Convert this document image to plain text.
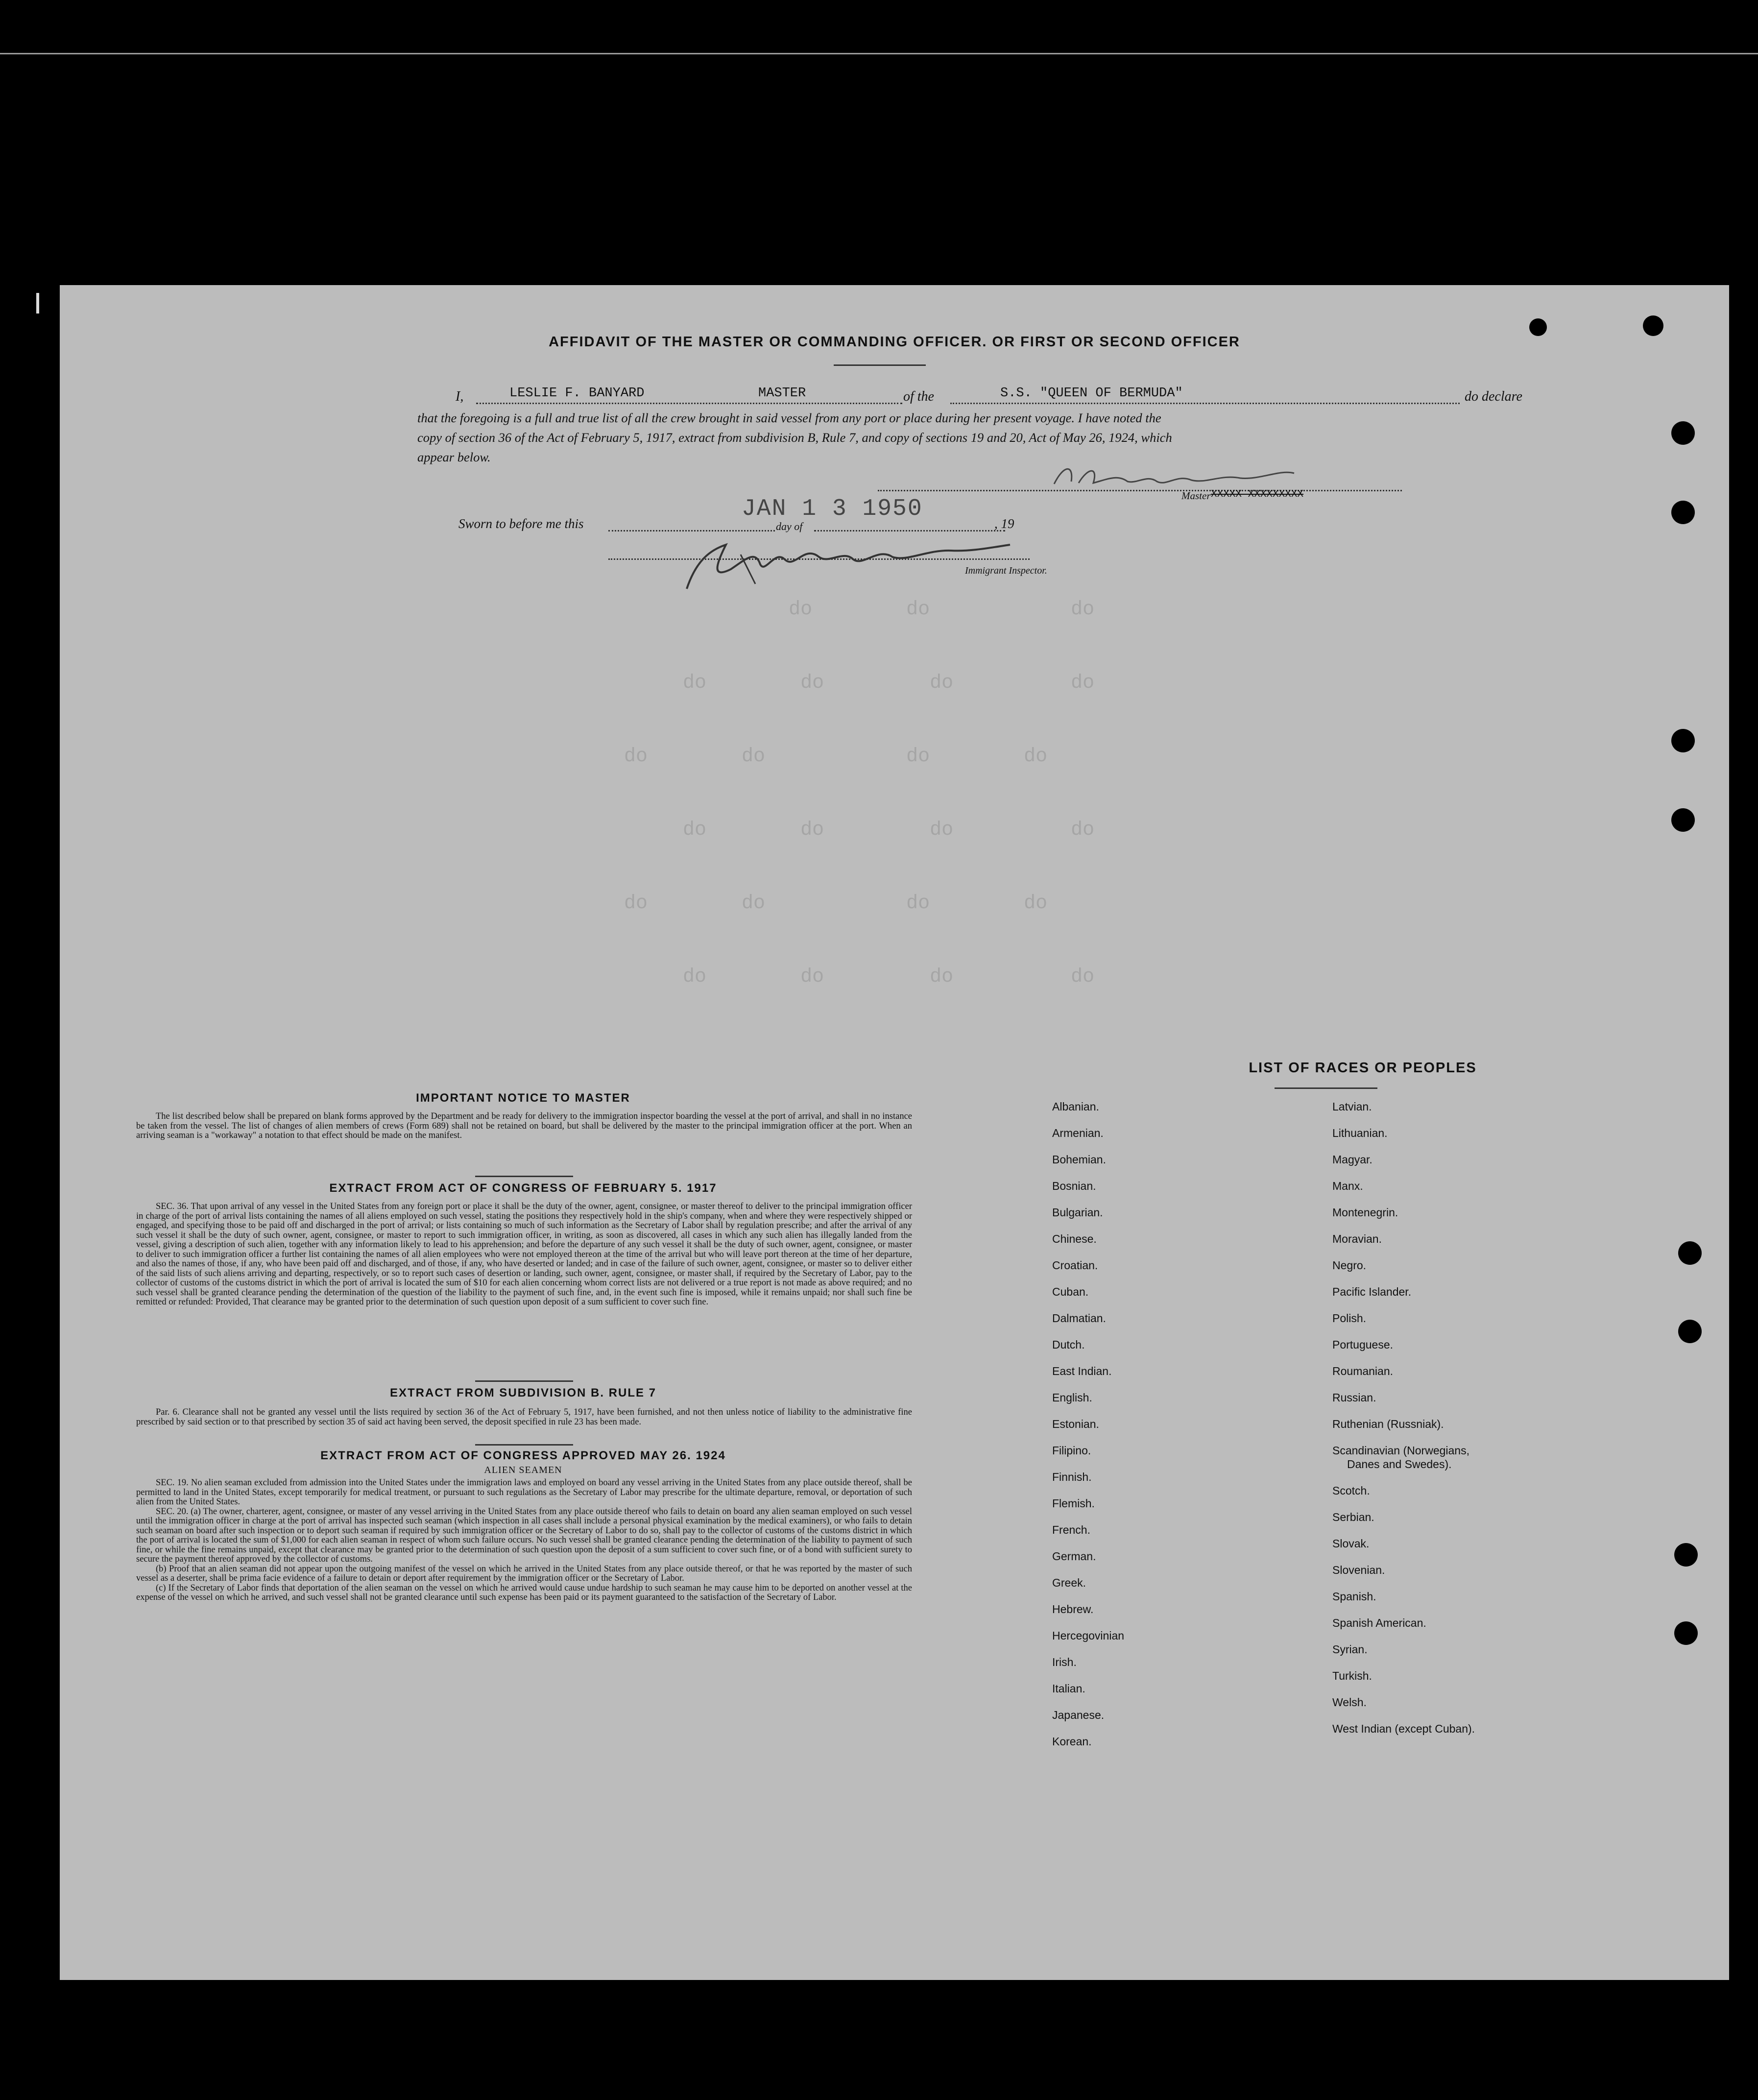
do        do            do
do        do         do          do
do        do            do        do
do        do         do          do
do        do            do        do
do        do         do          do
AFFIDAVIT OF THE MASTER OR COMMANDING OFFICER. OR FIRST OR SECOND OFFICER
I,	LESLIE F. BANYARD	MASTER	of the	S.S. "QUEEN OF BERMUDA"	do declare
that the foregoing is a full and true list of all the crew brought in said vessel from any port or place during her present voyage. I have noted the
copy of section 36 of the Act of February 5, 1917, extract from subdivision B, Rule 7, and copy of sections 19 and 20, Act of May 26, 1924, which
appear below.
Master XXXXX XXXXXXXXX
Sworn to before me this
JAN 1 3 1950
day of	, 19
Immigrant Inspector.
IMPORTANT NOTICE TO MASTER

The list described below shall be prepared on blank forms approved by the Department and be ready for delivery to the immigration inspector boarding the vessel at the port of arrival, and shall in no instance be taken from the vessel. The list of changes of alien members of crews (Form 689) shall not be retained on board, but shall be delivered by the master to the principal immigration officer at the port. When an arriving seaman is a "workaway" a notation to that effect should be made on the manifest.

EXTRACT FROM ACT OF CONGRESS OF FEBRUARY 5. 1917

SEC. 36. That upon arrival of any vessel in the United States from any foreign port or place it shall be the duty of the owner, agent, consignee, or master thereof to deliver to the principal immigration officer in charge of the port of arrival lists containing the names of all aliens employed on such vessel, stating the positions they respectively hold in the ship's company, when and where they were respectively shipped or engaged, and specifying those to be paid off and discharged in the port of arrival; or lists containing so much of such information as the Secretary of Labor shall by regulation prescribe; and after the arrival of any such vessel it shall be the duty of such owner, agent, consignee, or master to report to such immigration officer, in writing, as soon as discovered, all cases in which any such alien has illegally landed from the vessel, giving a description of such alien, together with any information likely to lead to his apprehension; and before the departure of any such vessel it shall be the duty of such owner, agent, consignee, or master to deliver to such immigration officer a further list containing the names of all alien employees who were not employed thereon at the time of the arrival but who will leave port thereon at the time of her departure, and also the names of those, if any, who have been paid off and discharged, and of those, if any, who have deserted or landed; and in case of the failure of such owner, agent, consignee, or master so to deliver either of the said lists of such aliens arriving and departing, respectively, or so to report such cases of desertion or landing, such owner, agent, consignee, or master shall, if required by the Secretary of Labor, pay to the collector of customs of the customs district in which the port of arrival is located the sum of $10 for each alien concerning whom correct lists are not delivered or a true report is not made as above required; and no such vessel shall be granted clearance pending the determination of the question of the liability to the payment of such fine, and, in the event such fine is imposed, while it remains unpaid; nor shall such fine be remitted or refunded: Provided, That clearance may be granted prior to the determination of such question upon deposit of a sum sufficient to cover such fine.

EXTRACT FROM SUBDIVISION B. RULE 7

Par. 6. Clearance shall not be granted any vessel until the lists required by section 36 of the Act of February 5, 1917, have been furnished, and not then unless notice of liability to the administrative fine prescribed by said section or to that prescribed by section 35 of said act having been served, the deposit specified in rule 23 has been made.

EXTRACT FROM ACT OF CONGRESS APPROVED MAY 26. 1924
ALIEN SEAMEN

SEC. 19. No alien seaman excluded from admission into the United States under the immigration laws and employed on board any vessel arriving in the United States from any place outside thereof, shall be permitted to land in the United States, except temporarily for medical treatment, or pursuant to such regulations as the Secretary of Labor may prescribe for the ultimate departure, removal, or deportation of such alien from the United States.

SEC. 20. (a) The owner, charterer, agent, consignee, or master of any vessel arriving in the United States from any place outside thereof who fails to detain on board any alien seaman employed on such vessel until the immigration officer in charge at the port of arrival has inspected such seaman (which inspection in all cases shall include a personal physical examination by the medical examiners), or who fails to detain such seaman on board after such inspection or to deport such seaman if required by such immigration officer or the Secretary of Labor to do so, shall pay to the collector of customs of the customs district in which the port of arrival is located the sum of $1,000 for each alien seaman in respect of whom such failure occurs. No such vessel shall be granted clearance pending the determination of the liability to payment of such fine, or while the fine remains unpaid, except that clearance may be granted prior to the determination of such question upon the deposit of a sum sufficient to cover such fine, or of a bond with sufficient surety to secure the payment thereof approved by the collector of customs.

(b) Proof that an alien seaman did not appear upon the outgoing manifest of the vessel on which he arrived in the United States from any place outside thereof, or that he was reported by the master of such vessel as a deserter, shall be prima facie evidence of a failure to detain or deport after requirement by the immigration officer or the Secretary of Labor.

(c) If the Secretary of Labor finds that deportation of the alien seaman on the vessel on which he arrived would cause undue hardship to such seaman he may cause him to be deported on another vessel at the expense of the vessel on which he arrived, and such vessel shall not be granted clearance until such expense has been paid or its payment guaranteed to the satisfaction of the Secretary of Labor.

LIST OF RACES OR PEOPLES
Albanian.
Armenian.
Bohemian.
Bosnian.
Bulgarian.
Chinese.
Croatian.
Cuban.
Dalmatian.
Dutch.
East Indian.
English.
Estonian.
Filipino.
Finnish.
Flemish.
French.
German.
Greek.
Hebrew.
Hercegovinian
Irish.
Italian.
Japanese.
Korean.
Latvian.
Lithuanian.
Magyar.
Manx.
Montenegrin.
Moravian.
Negro.
Pacific Islander.
Polish.
Portuguese.
Roumanian.
Russian.
Ruthenian (Russniak).
Scandinavian (Norwegians,
Danes and Swedes).
Scotch.
Serbian.
Slovak.
Slovenian.
Spanish.
Spanish American.
Syrian.
Turkish.
Welsh.
West Indian (except Cuban).
